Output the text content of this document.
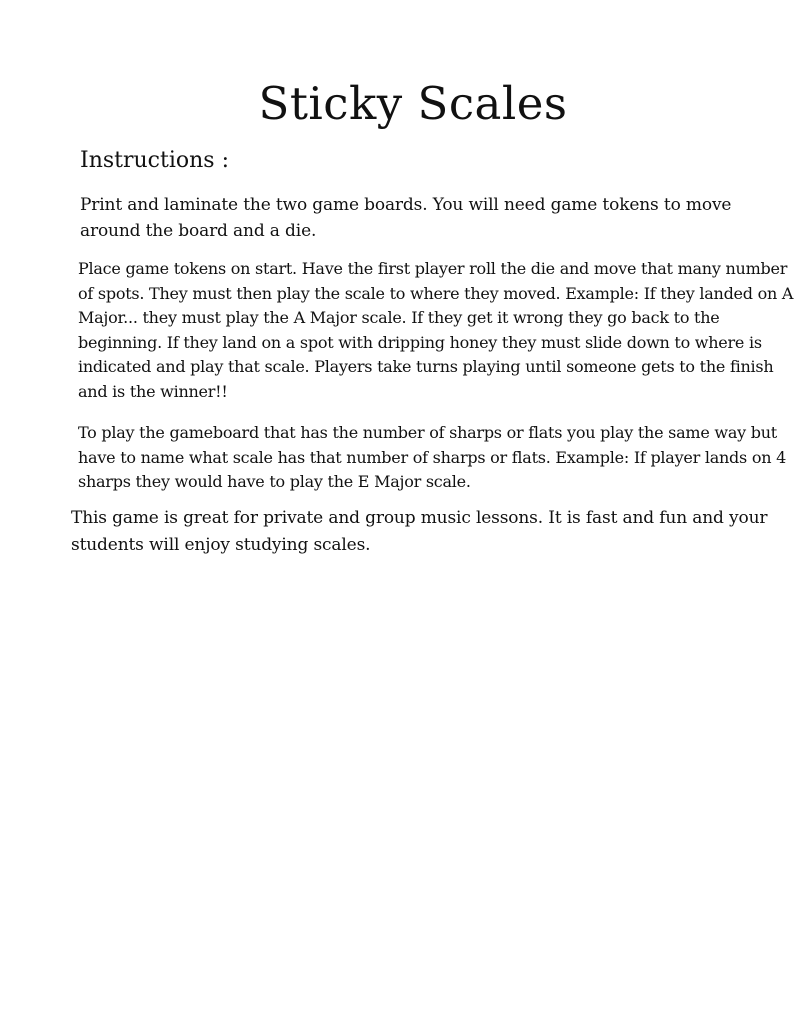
Sticky Scales
Instructions :

Print and laminate the two game boards. You will need game tokens to move around the board and a die.

Place game tokens on start. Have the first player roll the die and move that many number of spots. They must then play the scale to where they moved. Example: If they landed on A Major... they must play the A Major scale. If they get it wrong they go back to the beginning. If they land on a spot with dripping honey they must slide down to where is indicated and play that scale. Players take turns playing until someone gets to the finish and is the winner!!

To play the gameboard that has the number of sharps or flats you play the same way but have to name what scale has that number of sharps or flats. Example: If player lands on 4 sharps they would have to play the E Major scale.

This game is great for private and group music lessons. It is fast and fun and your students will enjoy studying scales.
